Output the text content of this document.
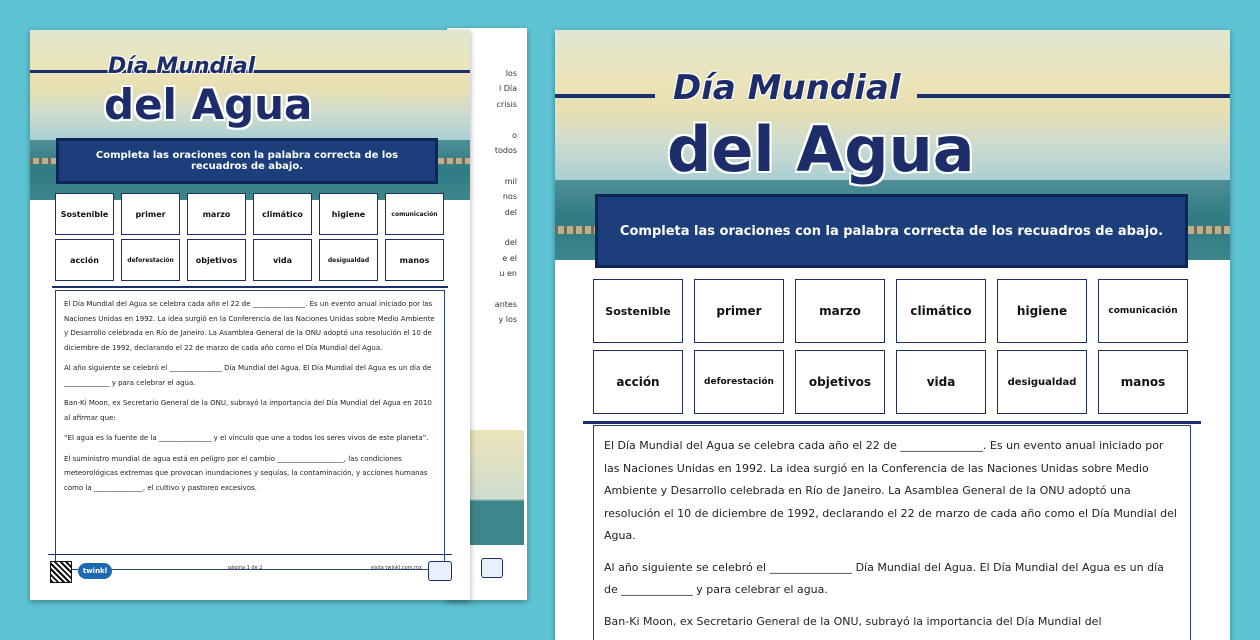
los
l Día
crisis
o
todos
mil
nos
del
del
e el
u en
antes
y los
Día Mundial
del Agua
Completa las oraciones con la palabra correcta de los recuadros de abajo.
Sostenible	primer	marzo	climático	higiene	comunicación
acción	deforestación	objetivos	vida	desigualdad	manos

El Día Mundial del Agua se celebra cada año el 22 de _______________. Es un evento anual iniciado por las Naciones Unidas en 1992. La idea surgió en la Conferencia de las Naciones Unidas sobre Medio Ambiente y Desarrollo celebrada en Río de Janeiro. La Asamblea General de la ONU adoptó una resolución el 10 de diciembre de 1992, declarando el 22 de marzo de cada año como el Día Mundial del Agua.

Al año siguiente se celebró el _______________ Día Mundial del Agua. El Día Mundial del Agua es un día de _____________ y para celebrar el agua.

Ban-Ki Moon, ex Secretario General de la ONU, subrayó la importancia del Día Mundial del Agua en 2010 al afirmar que:

“El agua es la fuente de la _______________ y el vínculo que une a todos los seres vivos de este planeta”.

El suministro mundial de agua está en peligro por el cambio ___________________, las condiciones meteorológicas extremas que provocan inundaciones y sequías, la contaminación, y acciones humanas como la ______________, el cultivo y pastoreo excesivos.

twinkl	página 1 de 2	visita twinkl.com.mx
Día Mundial
del Agua
Completa las oraciones con la palabra correcta de los recuadros de abajo.
Sostenible	primer	marzo	climático	higiene	comunicación
acción	deforestación	objetivos	vida	desigualdad	manos

El Día Mundial del Agua se celebra cada año el 22 de _______________. Es un evento anual iniciado por las Naciones Unidas en 1992. La idea surgió en la Conferencia de las Naciones Unidas sobre Medio Ambiente y Desarrollo celebrada en Río de Janeiro. La Asamblea General de la ONU adoptó una resolución el 10 de diciembre de 1992, declarando el 22 de marzo de cada año como el Día Mundial del Agua.

Al año siguiente se celebró el _______________ Día Mundial del Agua. El Día Mundial del Agua es un día de _____________ y para celebrar el agua.

Ban-Ki Moon, ex Secretario General de la ONU, subrayó la importancia del Día Mundial del
